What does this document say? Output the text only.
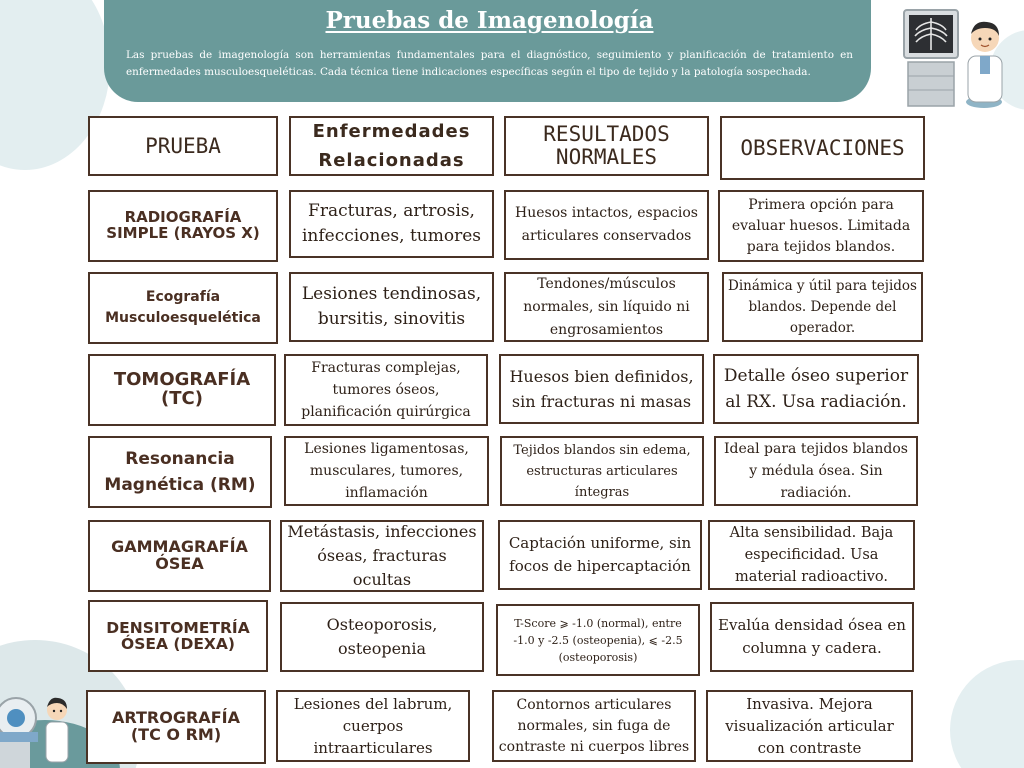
Pruebas de Imagenología
Las pruebas de imagenología son herramientas fundamentales para el diagnóstico, seguimiento y planificación de tratamiento en enfermedades musculoesqueléticas. Cada técnica tiene indicaciones específicas según el tipo de tejido y la patología sospechada.
PRUEBA
Enfermedades
Relacionadas
RESULTADOS
NORMALES	OBSERVACIONES
RADIOGRAFÍA
SIMPLE (RAYOS X)
Fracturas, artrosis, infecciones, tumores
Huesos intactos, espacios articulares conservados
Primera opción para evaluar huesos. Limitada para tejidos blandos.
Ecografía
Musculoesquelética
Lesiones tendinosas, bursitis, sinovitis
Tendones/músculos normales, sin líquido ni engrosamientos
Dinámica y útil para tejidos blandos. Depende del operador.
TOMOGRAFÍA
(TC)
Fracturas complejas, tumores óseos, planificación quirúrgica
Huesos bien definidos, sin fracturas ni masas
Detalle óseo superior al RX. Usa radiación.
Resonancia
Magnética (RM)
Lesiones ligamentosas, musculares, tumores, inflamación
Tejidos blandos sin edema, estructuras articulares íntegras
Ideal para tejidos blandos y médula ósea. Sin radiación.
GAMMAGRAFÍA
ÓSEA
Metástasis, infecciones óseas, fracturas ocultas
Captación uniforme, sin focos de hipercaptación
Alta sensibilidad. Baja especificidad. Usa material radioactivo.
DENSITOMETRÍA
ÓSEA (DEXA)
Osteoporosis, osteopenia
T-Score ⩾ -1.0 (normal), entre -1.0 y -2.5 (osteopenia), ⩽ -2.5 (osteoporosis)
Evalúa densidad ósea en columna y cadera.
ARTROGRAFÍA
(TC O RM)
Lesiones del labrum, cuerpos intraarticulares
Contornos articulares normales, sin fuga de contraste ni cuerpos libres
Invasiva. Mejora visualización articular con contraste
